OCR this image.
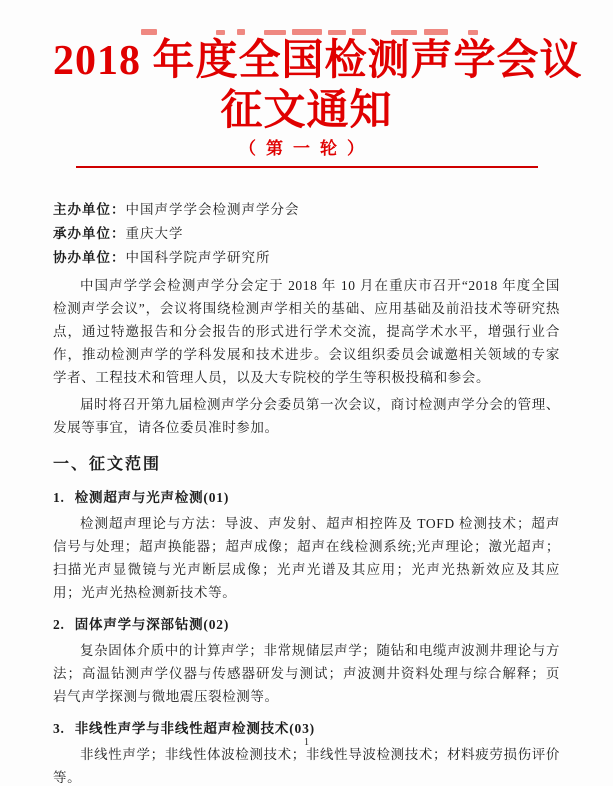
2018 年度全国检测声学会议
征文通知
（第一轮）
主办单位：中国声学学会检测声学分会
承办单位：重庆大学
协办单位：中国科学院声学研究所

中国声学学会检测声学分会定于 2018 年 10 月在重庆市召开“2018 年度全国检测声学会议”，会议将围绕检测声学相关的基础、应用基础及前沿技术等研究热点，通过特邀报告和分会报告的形式进行学术交流，提高学术水平，增强行业合作，推动检测声学的学科发展和技术进步。会议组织委员会诚邀相关领域的专家学者、工程技术和管理人员，以及大专院校的学生等积极投稿和参会。

届时将召开第九届检测声学分会委员第一次会议，商讨检测声学分会的管理、发展等事宜，请各位委员准时参加。

一、征文范围
1. 检测超声与光声检测(01)

检测超声理论与方法：导波、声发射、超声相控阵及 TOFD 检测技术；超声信号与处理；超声换能器；超声成像；超声在线检测系统;光声理论；激光超声；扫描光声显微镜与光声断层成像；光声光谱及其应用；光声光热新效应及其应用；光声光热检测新技术等。

2. 固体声学与深部钻测(02)

复杂固体介质中的计算声学；非常规储层声学；随钻和电缆声波测井理论与方法；高温钻测声学仪器与传感器研发与测试；声波测井资料处理与综合解释；页岩气声学探测与微地震压裂检测等。

3. 非线性声学与非线性超声检测技术(03)

非线性声学；非线性体波检测技术；非线性导波检测技术；材料疲劳损伤评价等。

1
